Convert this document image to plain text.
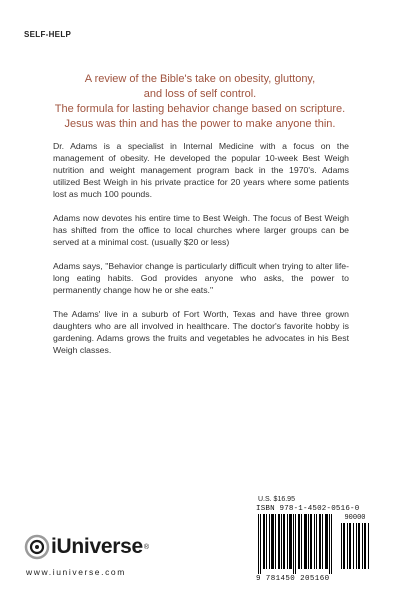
SELF-HELP
A review of the Bible's take on obesity, gluttony,
and loss of self control.
The formula for lasting behavior change based on scripture.
Jesus was thin and has the power to make anyone thin.

Dr. Adams is a specialist in Internal Medicine with a focus on the management of obesity. He developed the popular 10-week Best Weigh nutrition and weight management program back in the 1970's. Adams utilized Best Weigh in his private practice for 20 years where some patients lost as much 100 pounds.

Adams now devotes his entire time to Best Weigh. The focus of Best Weigh has shifted from the office to local churches where larger groups can be served at a minimal cost. (usually $20 or less)

Adams says, "Behavior change is particularly difficult when trying to alter life-long eating habits. God provides anyone who asks, the power to permanently change how he or she eats."

The Adams' live in a suburb of Fort Worth, Texas and have three grown daughters who are all involved in healthcare. The doctor's favorite hobby is gardening. Adams grows the fruits and vegetables he advocates in his Best Weigh classes.

U.S. $16.95
ISBN 978-1-4502-0516-0
90000
9 781450 205160
iUniverse ®
www.iuniverse.com
